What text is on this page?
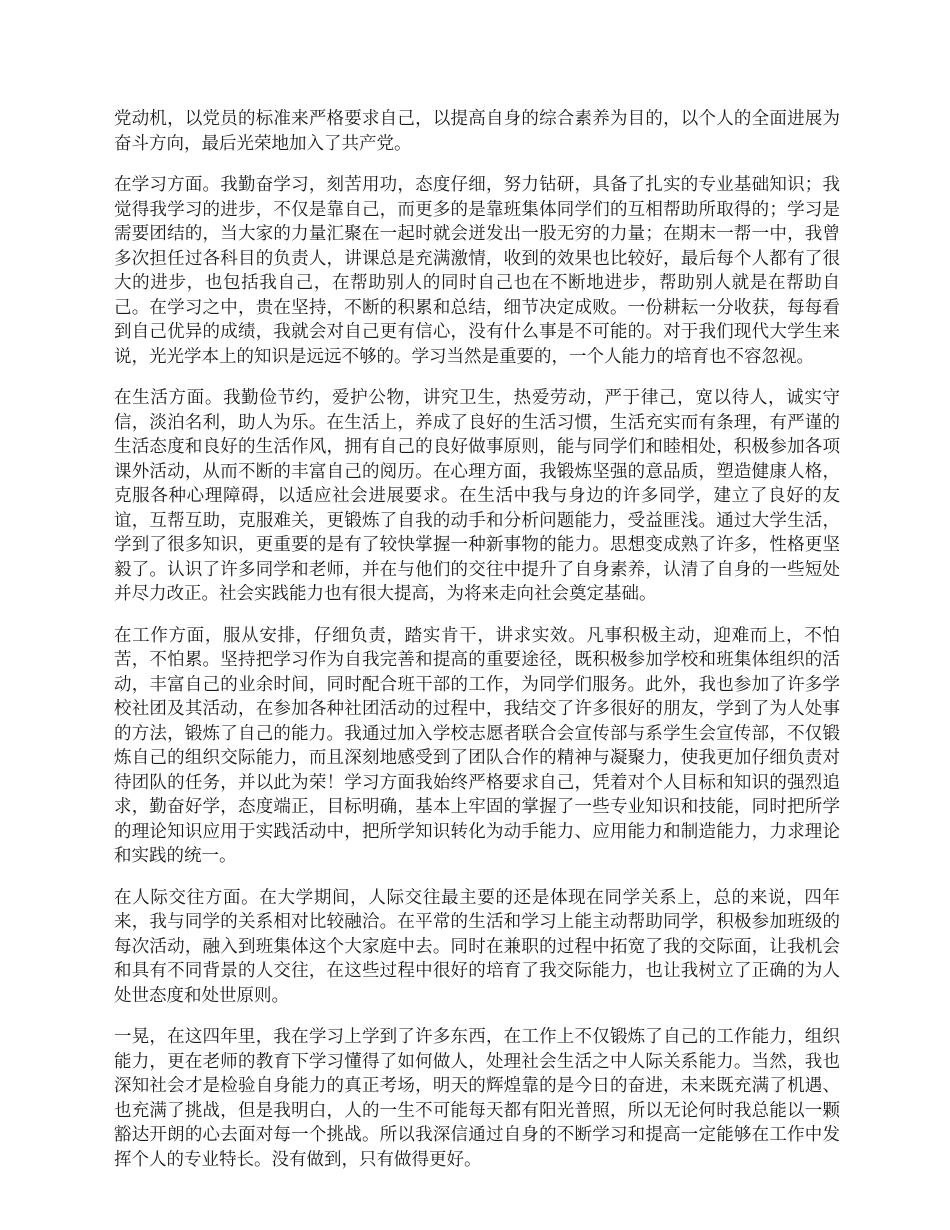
党动机，以党员的标准来严格要求自己，以提高自身的综合素养为目的，以个人的全面进展为奋斗方向，最后光荣地加入了共产党。

在学习方面。我勤奋学习，刻苦用功，态度仔细，努力钻研，具备了扎实的专业基础知识；我觉得我学习的进步，不仅是靠自己，而更多的是靠班集体同学们的互相帮助所取得的；学习是需要团结的，当大家的力量汇聚在一起时就会迸发出一股无穷的力量；在期末一帮一中，我曾多次担任过各科目的负责人，讲课总是充满激情，收到的效果也比较好，最后每个人都有了很大的进步，也包括我自己，在帮助别人的同时自己也在不断地进步，帮助别人就是在帮助自己。在学习之中，贵在坚持，不断的积累和总结，细节决定成败。一份耕耘一分收获，每每看到自己优异的成绩，我就会对自己更有信心，没有什么事是不可能的。对于我们现代大学生来说，光光学本上的知识是远远不够的。学习当然是重要的，一个人能力的培育也不容忽视。

在生活方面。我勤俭节约，爱护公物，讲究卫生，热爱劳动，严于律己，宽以待人，诚实守信，淡泊名利，助人为乐。在生活上，养成了良好的生活习惯，生活充实而有条理，有严谨的生活态度和良好的生活作风，拥有自己的良好做事原则，能与同学们和睦相处，积极参加各项课外活动，从而不断的丰富自己的阅历。在心理方面，我锻炼坚强的意品质，塑造健康人格，克服各种心理障碍，以适应社会进展要求。在生活中我与身边的许多同学，建立了良好的友谊，互帮互助，克服难关，更锻炼了自我的动手和分析问题能力，受益匪浅。通过大学生活，学到了很多知识，更重要的是有了较快掌握一种新事物的能力。思想变成熟了许多，性格更坚毅了。认识了许多同学和老师，并在与他们的交往中提升了自身素养，认清了自身的一些短处并尽力改正。社会实践能力也有很大提高，为将来走向社会奠定基础。

在工作方面，服从安排，仔细负责，踏实肯干，讲求实效。凡事积极主动，迎难而上，不怕苦，不怕累。坚持把学习作为自我完善和提高的重要途径，既积极参加学校和班集体组织的活动，丰富自己的业余时间，同时配合班干部的工作，为同学们服务。此外，我也参加了许多学校社团及其活动，在参加各种社团活动的过程中，我结交了许多很好的朋友，学到了为人处事的方法，锻炼了自己的能力。我通过加入学校志愿者联合会宣传部与系学生会宣传部，不仅锻炼自己的组织交际能力，而且深刻地感受到了团队合作的精神与凝聚力，使我更加仔细负责对待团队的任务，并以此为荣！学习方面我始终严格要求自己，凭着对个人目标和知识的强烈追求，勤奋好学，态度端正，目标明确，基本上牢固的掌握了一些专业知识和技能，同时把所学的理论知识应用于实践活动中，把所学知识转化为动手能力、应用能力和制造能力，力求理论和实践的统一。

在人际交往方面。在大学期间，人际交往最主要的还是体现在同学关系上，总的来说，四年来，我与同学的关系相对比较融洽。在平常的生活和学习上能主动帮助同学，积极参加班级的每次活动，融入到班集体这个大家庭中去。同时在兼职的过程中拓宽了我的交际面，让我机会和具有不同背景的人交往，在这些过程中很好的培育了我交际能力，也让我树立了正确的为人处世态度和处世原则。

一晃，在这四年里，我在学习上学到了许多东西，在工作上不仅锻炼了自己的工作能力，组织能力，更在老师的教育下学习懂得了如何做人，处理社会生活之中人际关系能力。当然，我也深知社会才是检验自身能力的真正考场，明天的辉煌靠的是今日的奋进，未来既充满了机遇、也充满了挑战，但是我明白，人的一生不可能每天都有阳光普照，所以无论何时我总能以一颗豁达开朗的心去面对每一个挑战。所以我深信通过自身的不断学习和提高一定能够在工作中发挥个人的专业特长。没有做到，只有做得更好。
